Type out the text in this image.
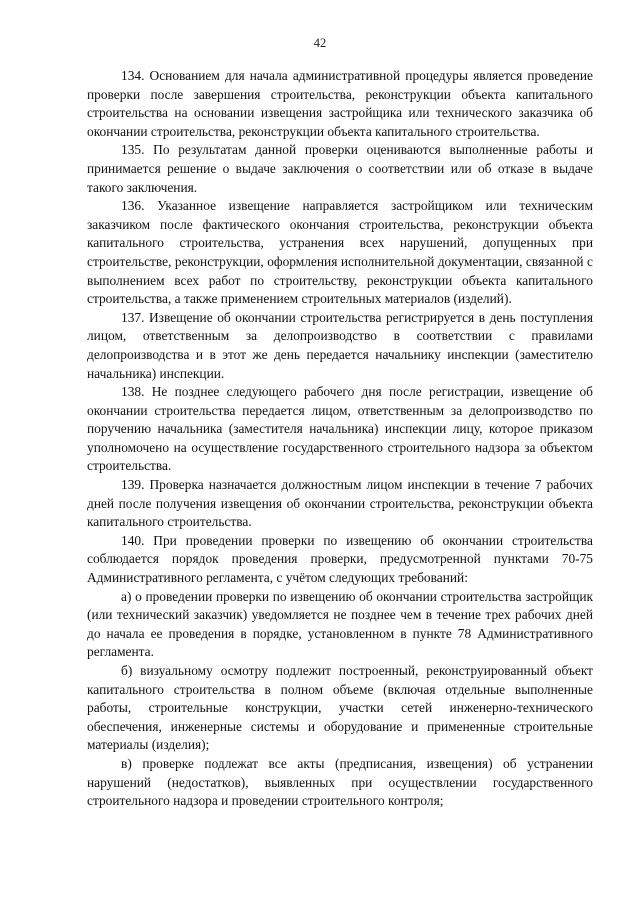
42

134. Основанием для начала административной процедуры является проведение проверки после завершения строительства, реконструкции объекта капитального строительства на основании извещения застройщика или технического заказчика об окончании строительства, реконструкции объекта капитального строительства.

135. По результатам данной проверки оцениваются выполненные работы и принимается решение о выдаче заключения о соответствии или об отказе в выдаче такого заключения.

136. Указанное извещение направляется застройщиком или техническим заказчиком после фактического окончания строительства, реконструкции объекта капитального строительства, устранения всех нарушений, допущенных при строительстве, реконструкции, оформления исполнительной документации, связанной с выполнением всех работ по строительству, реконструкции объекта капитального строительства, а также применением строительных материалов (изделий).

137. Извещение об окончании строительства регистрируется в день поступления лицом, ответственным за делопроизводство в соответствии с правилами делопроизводства и в этот же день передается начальнику инспекции (заместителю начальника) инспекции.

138. Не позднее следующего рабочего дня после регистрации, извещение об окончании строительства передается лицом, ответственным за делопроизводство по поручению начальника (заместителя начальника) инспекции лицу, которое приказом уполномочено на осуществление государственного строительного надзора за объектом строительства.

139. Проверка назначается должностным лицом инспекции в течение 7 рабочих дней после получения извещения об окончании строительства, реконструкции объекта капитального строительства.

140. При проведении проверки по извещению об окончании строительства соблюдается порядок проведения проверки, предусмотренной пунктами 70-75 Административного регламента, с учётом следующих требований:

а) о проведении проверки по извещению об окончании строительства застройщик (или технический заказчик) уведомляется не позднее чем в течение трех рабочих дней до начала ее проведения в порядке, установленном в пункте 78 Административного регламента.

б) визуальному осмотру подлежит построенный, реконструированный объект капитального строительства в полном объеме (включая отдельные выполненные работы, строительные конструкции, участки сетей инженерно-технического обеспечения, инженерные системы и оборудование и примененные строительные материалы (изделия);

в) проверке подлежат все акты (предписания, извещения) об устранении нарушений (недостатков), выявленных при осуществлении государственного строительного надзора и проведении строительного контроля;
